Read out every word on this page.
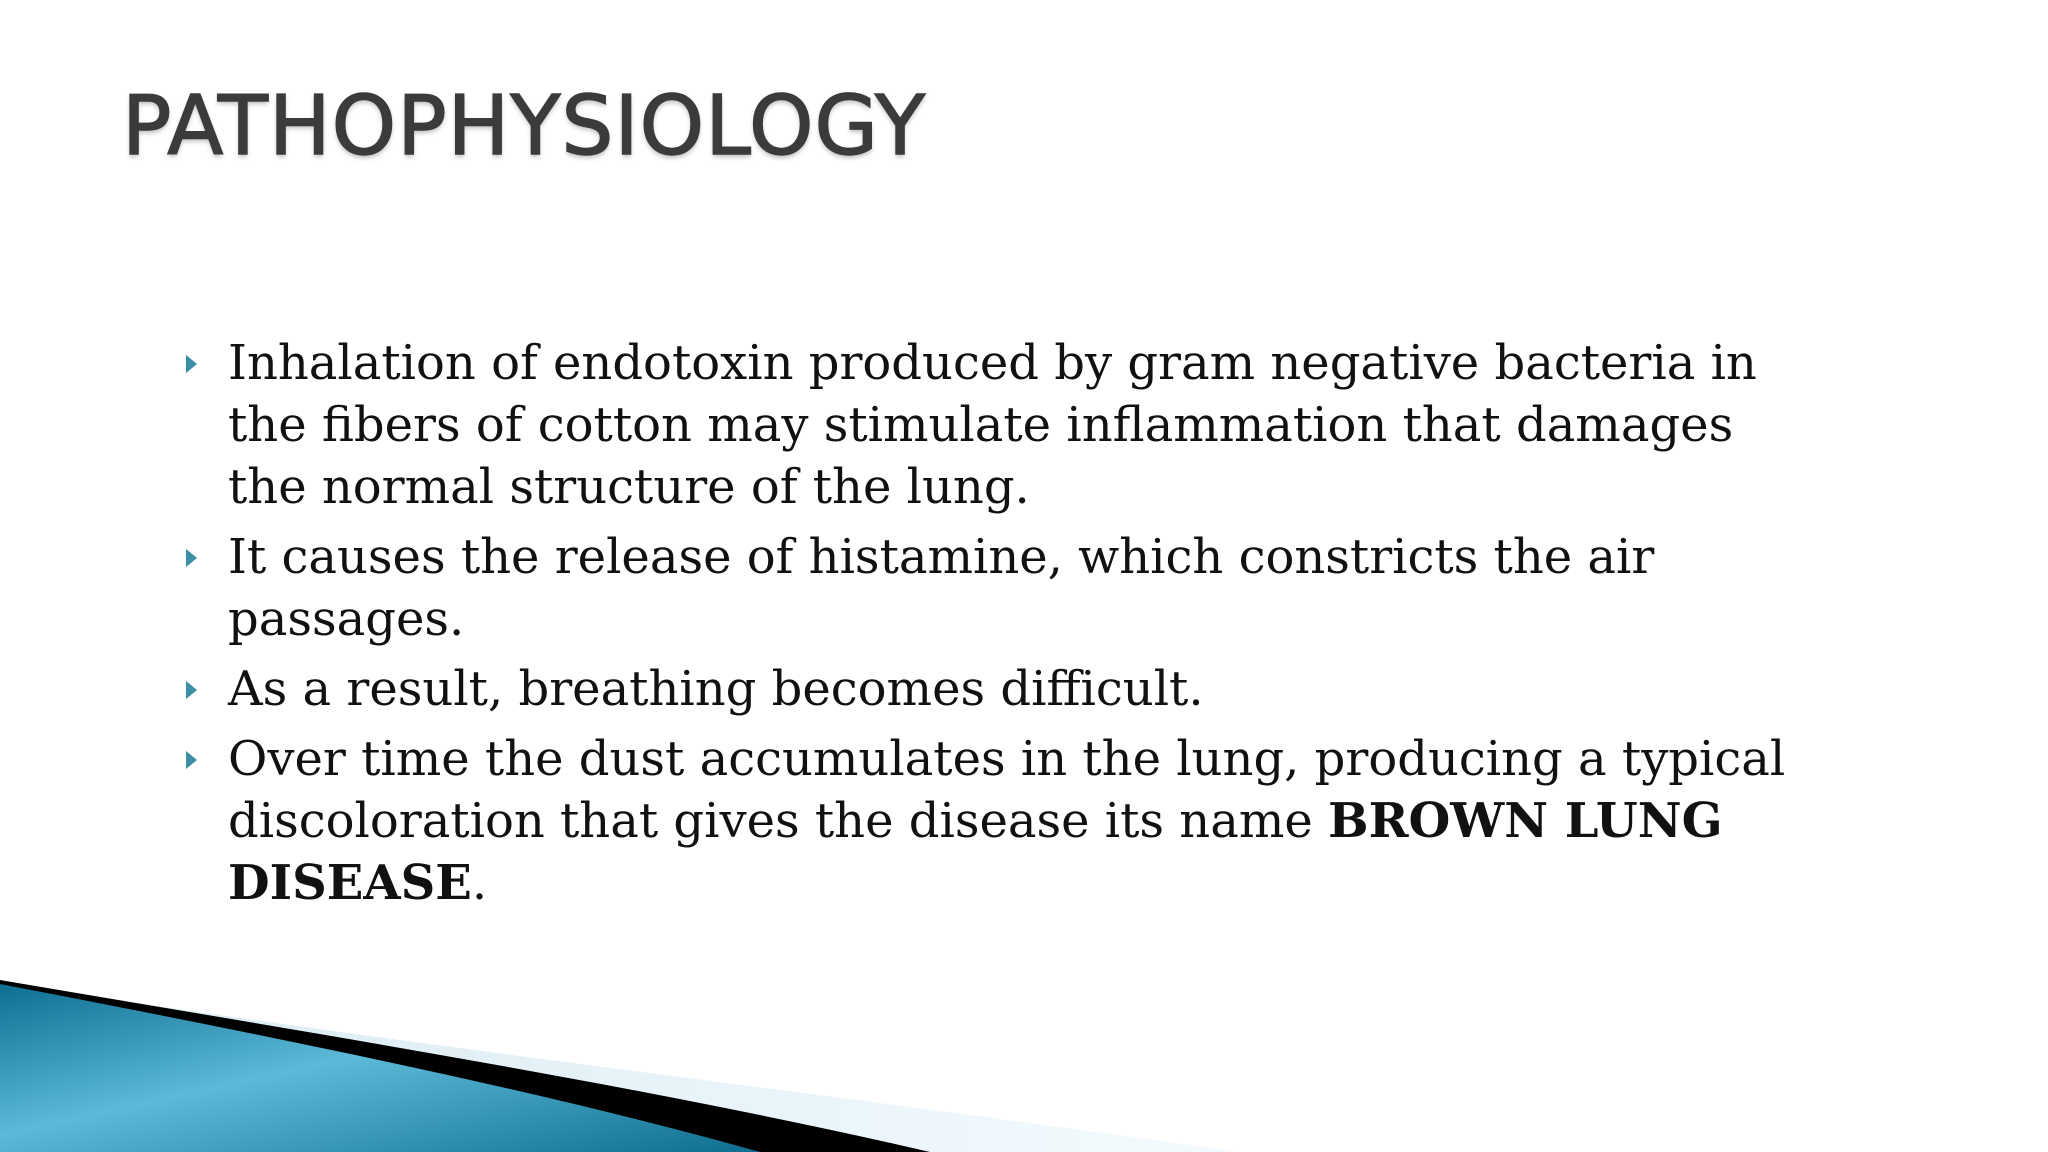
PATHOPHYSIOLOGY
Inhalation of endotoxin produced by gram negative bacteria in the fibers of cotton may stimulate inflammation that damages the normal structure of the lung.
It causes the release of histamine, which constricts the air passages.
As a result, breathing becomes difficult.
Over time the dust accumulates in the lung, producing a typical discoloration that gives the disease its name BROWN LUNG DISEASE.
